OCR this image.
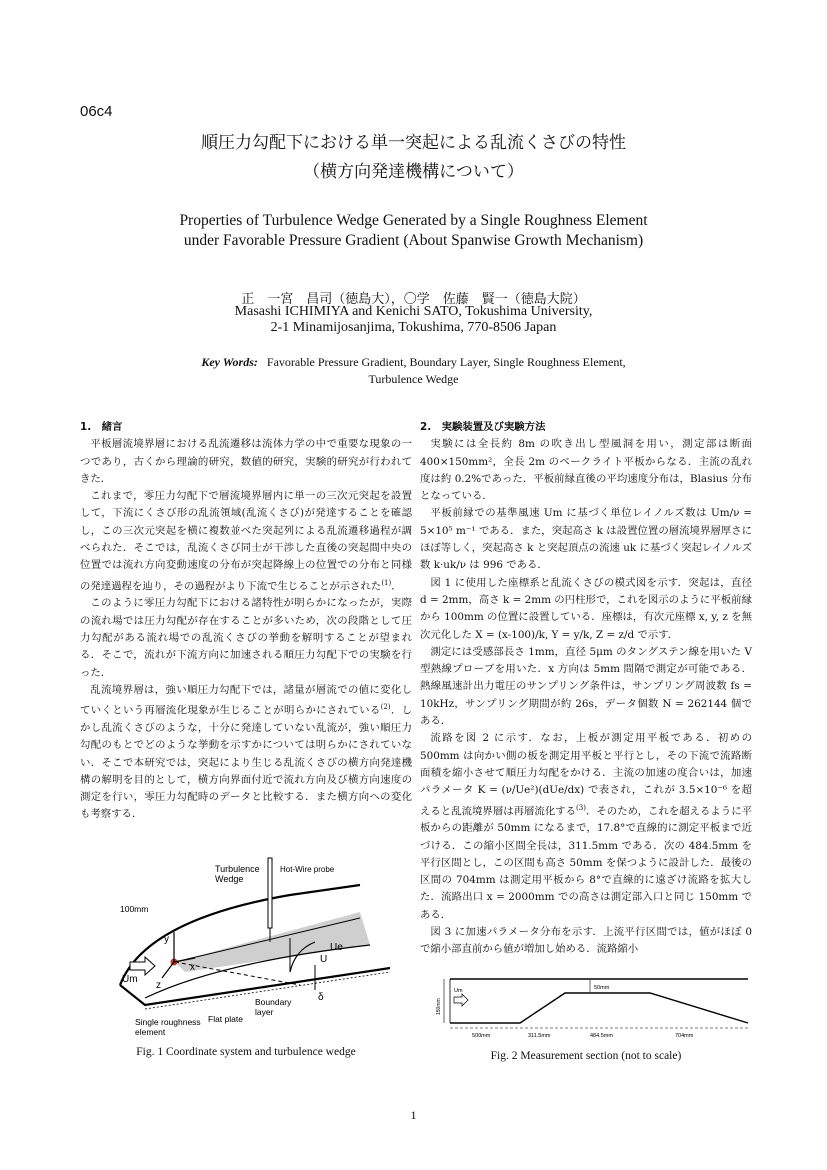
06c4
順圧力勾配下における単一突起による乱流くさびの特性
（横方向発達機構について）
Properties of Turbulence Wedge Generated by a Single Roughness Element
under Favorable Pressure Gradient (About Spanwise Growth Mechanism)
正　一宮　昌司（徳島大），〇学　佐藤　賢一（徳島大院）
Masashi ICHIMIYA and Kenichi SATO, Tokushima University,
2-1 Minamijosanjima, Tokushima, 770-8506 Japan
Key Words: Favorable Pressure Gradient, Boundary Layer, Single Roughness Element,
Turbulence Wedge

1.　緒言

平板層流境界層における乱流遷移は流体力学の中で重要な現象の一つであり，古くから理論的研究，数値的研究，実験的研究が行われてきた．

これまで，零圧力勾配下で層流境界層内に単一の三次元突起を設置して，下流にくさび形の乱流領域(乱流くさび)が発達することを確認し，この三次元突起を横に複数並べた突起列による乱流遷移過程が調べられた．そこでは，乱流くさび同士が干渉した直後の突起間中央の位置では流れ方向変動速度の分布が突起降線上の位置での分布と同様の発達過程を辿り，その過程がより下流で生じることが示された$^{(1)}$．

このように零圧力勾配下における諸特性が明らかになったが，実際の流れ場では圧力勾配が存在することが多いため，次の段階として圧力勾配がある流れ場での乱流くさびの挙動を解明することが望まれる．そこで，流れが下流方向に加速される順圧力勾配下での実験を行った．

乱流境界層は，強い順圧力勾配下では，諸量が層流での値に変化していくという再層流化現象が生じることが明らかにされている$^{(2)}$．しかし乱流くさびのような，十分に発達していない乱流が，強い順圧力勾配のもとでどのような挙動を示すかについては明らかにされていない．そこで本研究では，突起により生じる乱流くさびの横方向発達機構の解明を目的として，横方向界面付近で流れ方向及び横方向速度の測定を行い，零圧力勾配時のデータと比較する．また横方向への変化も考察する．

2.　実験装置及び実験方法

実験には全長約 8m の吹き出し型風洞を用い，測定部は断面 400×150mm²，全長 2m のベークライト平板からなる．主流の乱れ度は約 0.2%であった．平板前縁直後の平均速度分布は，Blasius 分布となっている．

平板前縁での基準風速 Um に基づく単位レイノルズ数は Um/ν = 5×10⁵ m⁻¹ である．また，突起高さ k は設置位置の層流境界層厚さにほぼ等しく，突起高さ k と突起頂点の流速 uk に基づく突起レイノルズ数 k·uk/ν は 996 である．

図 1 に使用した座標系と乱流くさびの模式図を示す．突起は，直径 d = 2mm，高さ k = 2mm の円柱形で，これを図示のように平板前縁から 100mm の位置に設置している．座標は，有次元座標 x, y, z を無次元化した X = (x-100)/k, Y = y/k, Z = z/d で示す．

測定には受感部長さ 1mm，直径 5μm のタングステン線を用いた V 型熱線プローブを用いた．x 方向は 5mm 間隔で測定が可能である．熱線風速計出力電圧のサンプリング条件は，サンプリング周波数 fs = 10kHz，サンプリング期間が約 26s，データ個数 N = 262144 個である．

流路を図 2 に示す．なお，上板が測定用平板である．初めの 500mm は向かい側の板を測定用平板と平行とし，その下流で流路断面積を縮小させて順圧力勾配をかける．主流の加速の度合いは，加速パラメータ K = (ν/Ue²)(dUe/dx) で表され，これが 3.5×10⁻⁶ を超えると乱流境界層は再層流化する$^{(3)}$．そのため，これを超えるように平板からの距離が 50mm になるまで，17.8°で直線的に測定平板まで近づける．この縮小区間全長は，311.5mm である．次の 484.5mm を平行区間とし，この区間も高さ 50mm を保つように設計した．最後の区間の 704mm は測定用平板から 8°で直線的に遠ざけ流路を拡大した．流路出口 x = 2000mm での高さは測定部入口と同じ 150mm である．

図 3 に加速パラメータ分布を示す．上流平行区間では，値がほぼ 0 で縮小部直前から値が増加し始める．流路縮小

Turbulence
Wedge
Hot-Wire probe
100mm
Ue
U
Um
x
y
z
δ
Boundary
layer
Single roughness
element
Flat plate
Fig. 1 Coordinate system and turbulence wedge
Um
150mm
50mm
500mm	311.5mm	484.5mm	704mm
Fig. 2 Measurement section (not to scale)
1
